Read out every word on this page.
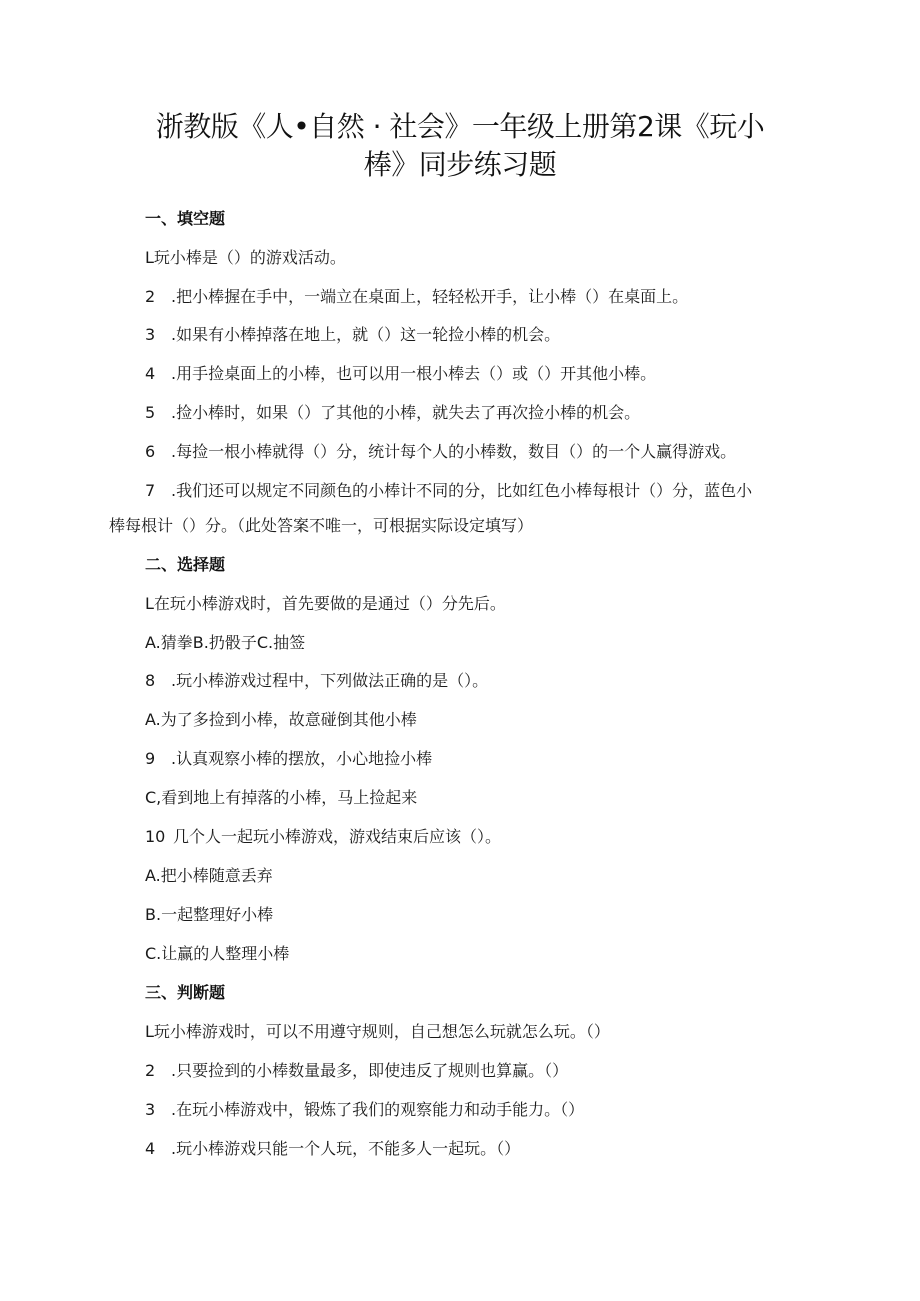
浙教版《人•自然 · 社会》一年级上册第2课《玩小
棒》同步练习题
一、填空题
L玩小棒是（）的游戏活动。
2 .把小棒握在手中，一端立在桌面上，轻轻松开手，让小棒（）在桌面上。
3 .如果有小棒掉落在地上，就（）这一轮捡小棒的机会。
4 .用手捡桌面上的小棒，也可以用一根小棒去（）或（）开其他小棒。
5 .捡小棒时，如果（）了其他的小棒，就失去了再次捡小棒的机会。
6 .每捡一根小棒就得（）分，统计每个人的小棒数，数目（）的一个人赢得游戏。
7 .我们还可以规定不同颜色的小棒计不同的分，比如红色小棒每根计（）分，蓝色小
棒每根计（）分。（此处答案不唯一，可根据实际设定填写）
二、选择题
L在玩小棒游戏时，首先要做的是通过（）分先后。
A.猜拳B.扔骰子C.抽签
8 .玩小棒游戏过程中，下列做法正确的是（）。
A.为了多捡到小棒，故意碰倒其他小棒
9 .认真观察小棒的摆放，小心地捡小棒
C,看到地上有掉落的小棒，马上捡起来
10 几个人一起玩小棒游戏，游戏结束后应该（）。
A.把小棒随意丢弃
B.一起整理好小棒
C.让赢的人整理小棒
三、判断题
L玩小棒游戏时，可以不用遵守规则，自己想怎么玩就怎么玩。（）
2 .只要捡到的小棒数量最多，即使违反了规则也算赢。（）
3 .在玩小棒游戏中，锻炼了我们的观察能力和动手能力。（）
4 .玩小棒游戏只能一个人玩，不能多人一起玩。（）
